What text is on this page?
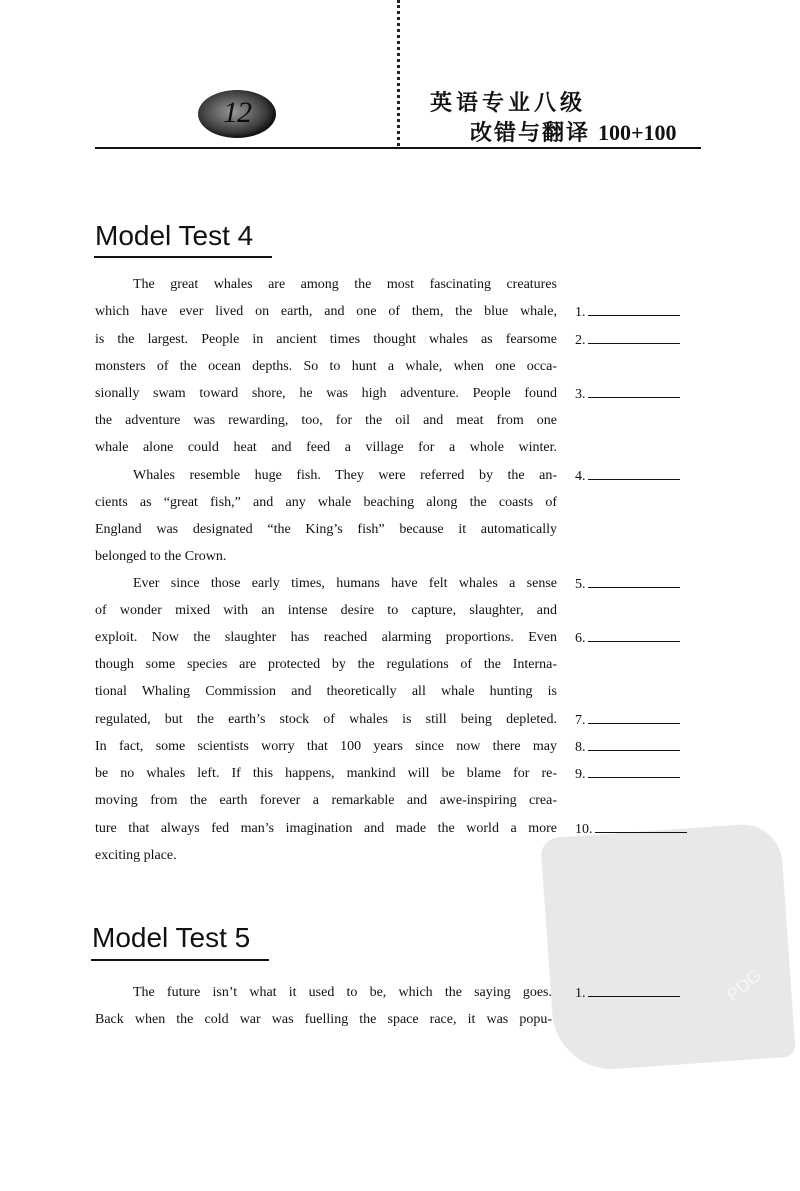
PDG
12	英语专业八级
改错与翻译 100+100
Model Test 4
The great whales are among the most fascinating creatures
which have ever lived on earth, and one of them, the blue whale,
is the largest. People in ancient times thought whales as fearsome
monsters of the ocean depths. So to hunt a whale, when one occa-
sionally swam toward shore, he was high adventure. People found
the adventure was rewarding, too, for the oil and meat from one
whale alone could heat and feed a village for a whole winter.
Whales resemble huge fish. They were referred by the an-
cients as “great fish,” and any whale beaching along the coasts of
England was designated “the King’s fish” because it automatically
belonged to the Crown.
Ever since those early times, humans have felt whales a sense
of wonder mixed with an intense desire to capture, slaughter, and
exploit. Now the slaughter has reached alarming proportions. Even
though some species are protected by the regulations of the Interna-
tional Whaling Commission and theoretically all whale hunting is
regulated, but the earth’s stock of whales is still being depleted.
In fact, some scientists worry that 100 years since now there may
be no whales left. If this happens, mankind will be blame for re-
moving from the earth forever a remarkable and awe-inspiring crea-
ture that always fed man’s imagination and made the world a more
exciting place.
1.
2.
3.
4.
5.
6.
7.
8.
9.
10.
Model Test 5
The future isn’t what it used to be, which the saying goes.
Back when the cold war was fuelling the space race, it was popu-
1.
